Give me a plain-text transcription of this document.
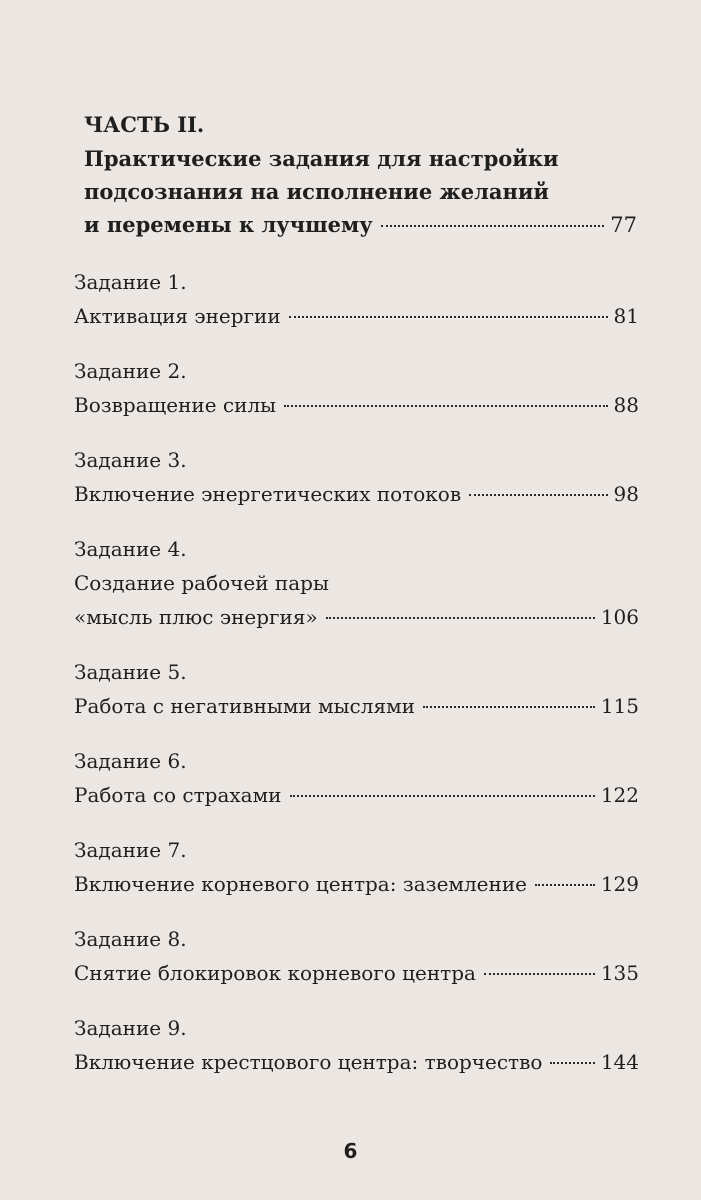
ЧАСТЬ II.
Практические задания для настройки
подсознания на исполнение желаний
и перемены к лучшему	77
Задание 1.
Активация энергии	81
Задание 2.
Возвращение силы	88
Задание 3.
Включение энергетических потоков	98
Задание 4.
Создание рабочей пары
«мысль плюс энергия»	106
Задание 5.
Работа с негативными мыслями	115
Задание 6.
Работа со страхами	122
Задание 7.
Включение корневого центра: заземление	129
Задание 8.
Снятие блокировок корневого центра	135
Задание 9.
Включение крестцового центра: творчество	144
6
